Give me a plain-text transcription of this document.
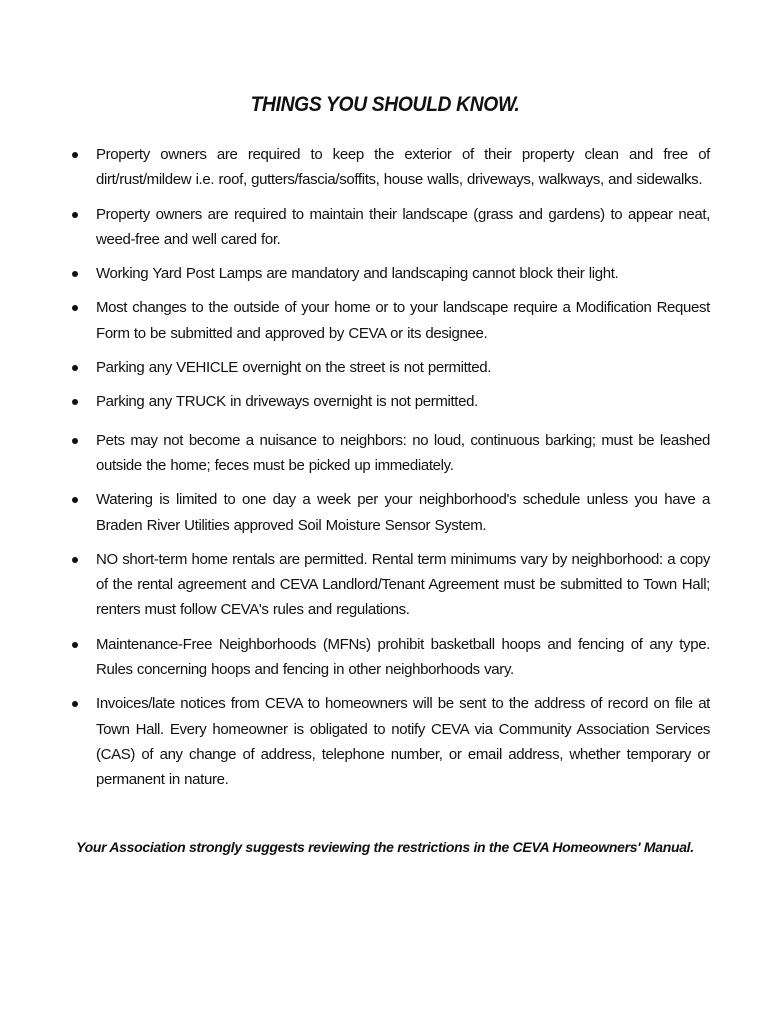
THINGS YOU SHOULD KNOW.
Property owners are required to keep the exterior of their property clean and free of dirt/rust/mildew i.e. roof, gutters/fascia/soffits, house walls, driveways, walkways, and sidewalks.
Property owners are required to maintain their landscape (grass and gardens) to appear neat, weed-free and well cared for.
Working Yard Post Lamps are mandatory and landscaping cannot block their light.
Most changes to the outside of your home or to your landscape require a Modification Request Form to be submitted and approved by CEVA or its designee.
Parking any VEHICLE overnight on the street is not permitted.
Parking any TRUCK in driveways overnight is not permitted.
Pets may not become a nuisance to neighbors: no loud, continuous barking; must be leashed outside the home; feces must be picked up immediately.
Watering is limited to one day a week per your neighborhood's schedule unless you have a Braden River Utilities approved Soil Moisture Sensor System.
NO short-term home rentals are permitted. Rental term minimums vary by neighborhood: a copy of the rental agreement and CEVA Landlord/Tenant Agreement must be submitted to Town Hall; renters must follow CEVA's rules and regulations.
Maintenance-Free Neighborhoods (MFNs) prohibit basketball hoops and fencing of any type. Rules concerning hoops and fencing in other neighborhoods vary.
Invoices/late notices from CEVA to homeowners will be sent to the address of record on file at Town Hall. Every homeowner is obligated to notify CEVA via Community Association Services (CAS) of any change of address, telephone number, or email address, whether temporary or permanent in nature.
Your Association strongly suggests reviewing the restrictions in the CEVA Homeowners' Manual.
